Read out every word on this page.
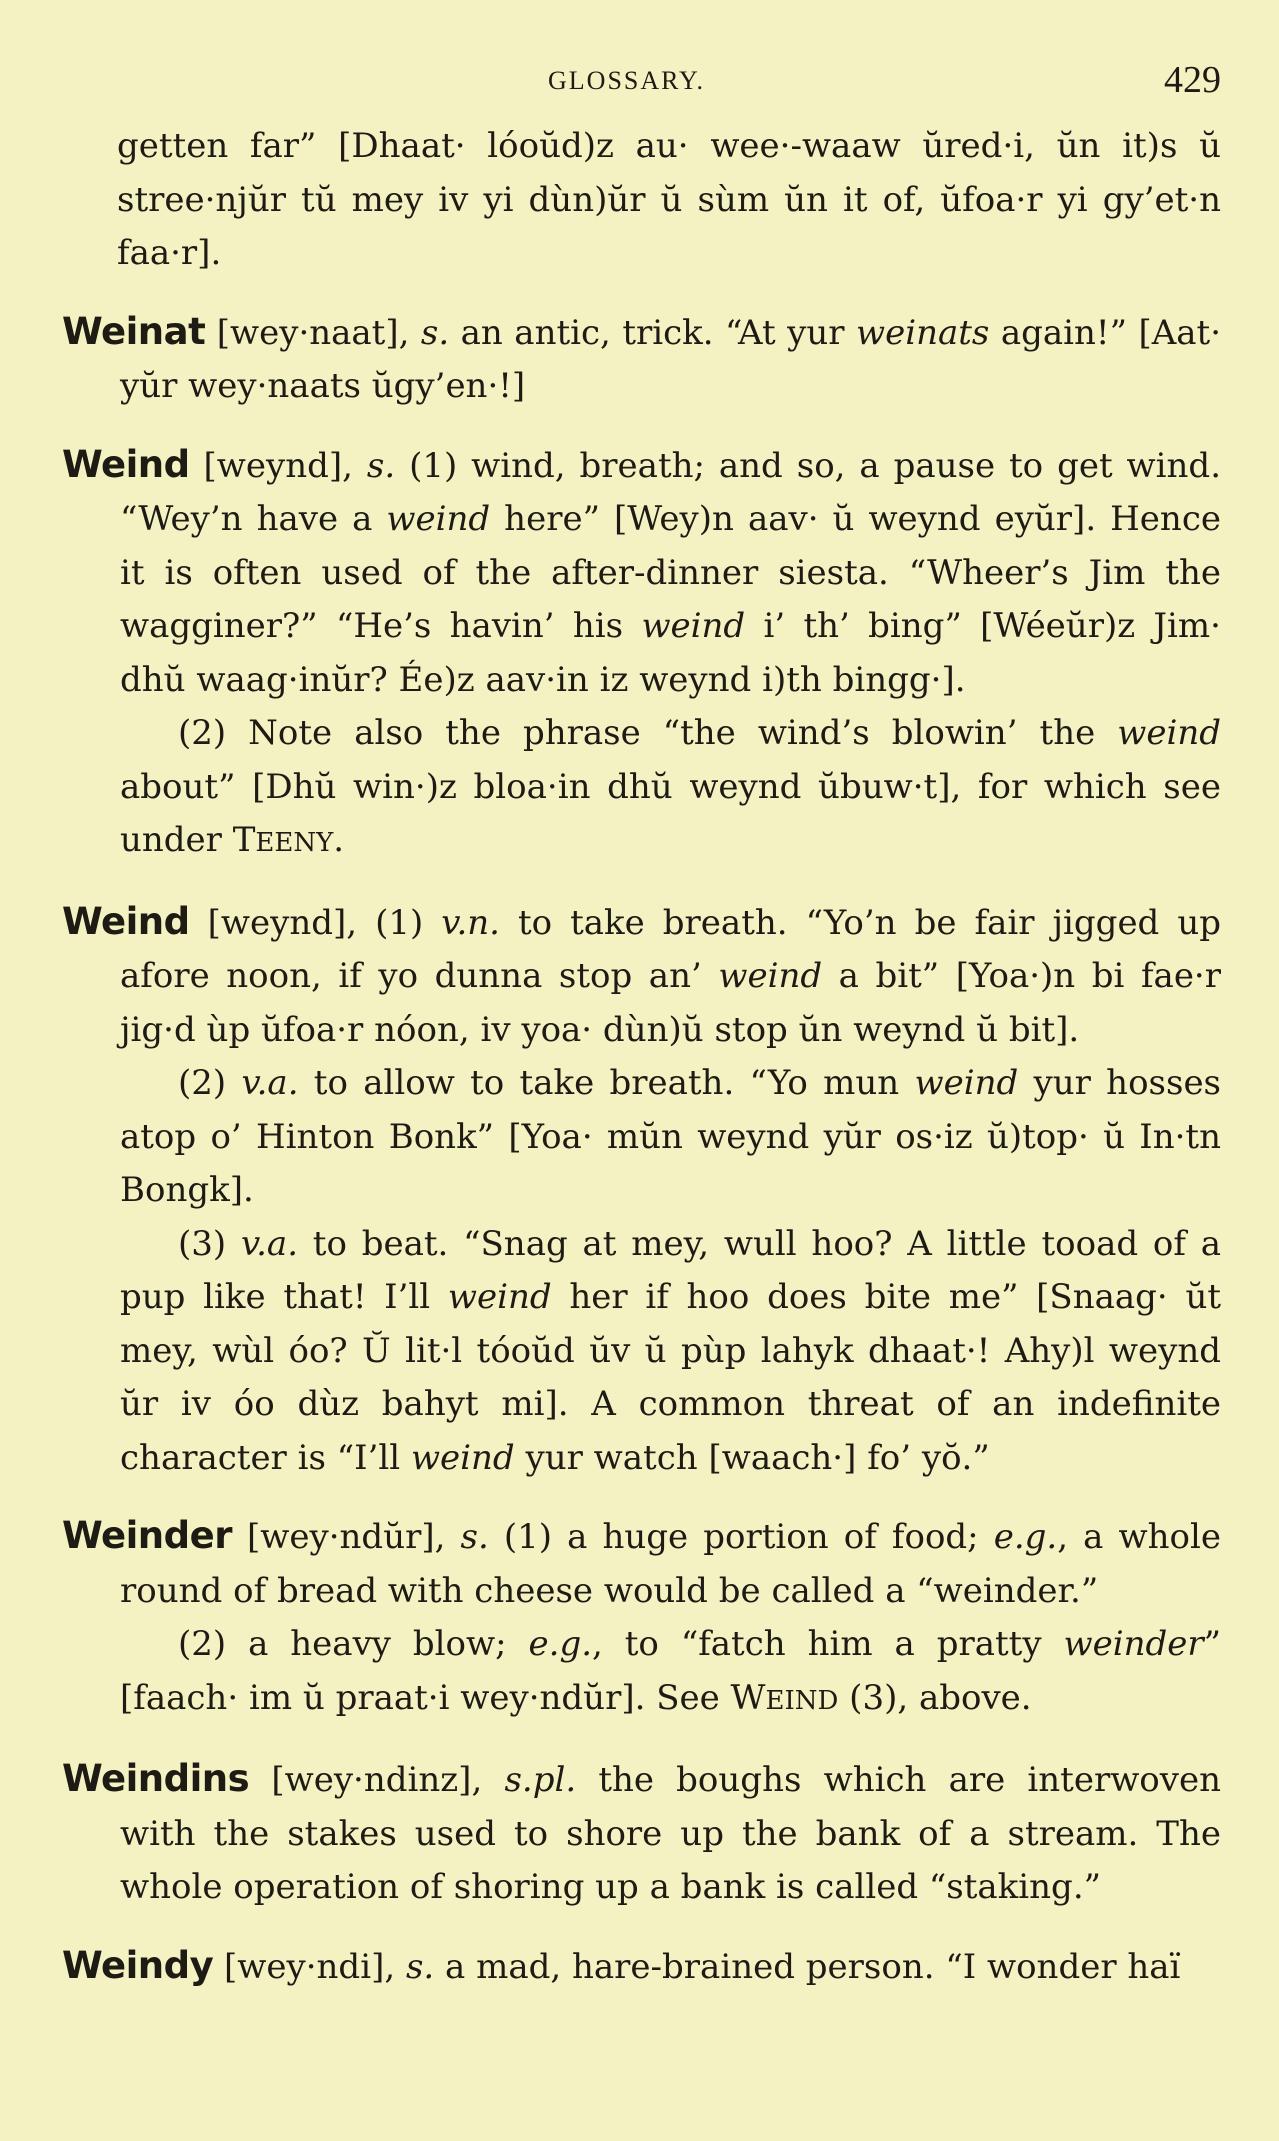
GLOSSARY.	429

getten far” [Dhaat· lóoŭd)z au· wee·-waaw ŭred·i, ŭn it)s ŭ stree·njŭr tŭ mey iv yi dùn)ŭr ŭ sùm ŭn it of, ŭfoa·r yi gy’et·n faa·r].

Weinat [wey·naat], s. an antic, trick. “At yur weinats again!” [Aat· yŭr wey·naats ŭgy’en·!]

Weind [weynd], s. (1) wind, breath; and so, a pause to get wind. “Wey’n have a weind here” [Wey)n aav· ŭ weynd eyŭr]. Hence it is often used of the after-dinner siesta. “Wheer’s Jim the wagginer?” “He’s havin’ his weind i’ th’ bing” [Wéeŭr)z Jim· dhŭ waag·inŭr? Ée)z aav·in iz weynd i)th bingg·].

(2) Note also the phrase “the wind’s blowin’ the weind about” [Dhŭ win·)z bloa·in dhŭ weynd ŭbuw·t], for which see under TEENY.

Weind [weynd], (1) v.n. to take breath. “Yo’n be fair jigged up afore noon, if yo dunna stop an’ weind a bit” [Yoa·)n bi fae·r jig·d ùp ŭfoa·r nóon, iv yoa· dùn)ŭ stop ŭn weynd ŭ bit].

(2) v.a. to allow to take breath. “Yo mun weind yur hosses atop o’ Hinton Bonk” [Yoa· mŭn weynd yŭr os·iz ŭ)top· ŭ In·tn Bongk].

(3) v.a. to beat. “Snag at mey, wull hoo? A little tooad of a pup like that! I’ll weind her if hoo does bite me” [Snaag· ŭt mey, wùl óo? Ŭ lit·l tóoŭd ŭv ŭ pùp lahyk dhaat·! Ahy)l weynd ŭr iv óo dùz bahyt mi]. A common threat of an indefinite character is “I’ll weind yur watch [waach·] fo’ yŏ.”

Weinder [wey·ndŭr], s. (1) a huge portion of food; e.g., a whole round of bread with cheese would be called a “weinder.”

(2) a heavy blow; e.g., to “fatch him a pratty weinder” [faach· im ŭ praat·i wey·ndŭr]. See WEIND (3), above.

Weindins [wey·ndinz], s.pl. the boughs which are interwoven with the stakes used to shore up the bank of a stream. The whole operation of shoring up a bank is called “staking.”

Weindy [wey·ndi], s. a mad, hare-brained person. “I wonder haï
